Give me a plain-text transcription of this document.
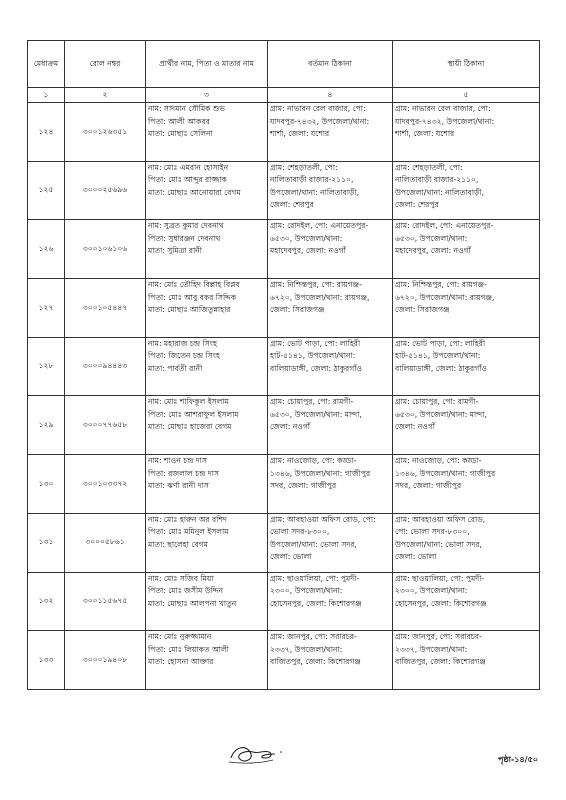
মেধাক্রম	রোল নম্বর	প্রার্থীর নাম, পিতা ও মাতার নাম	বর্তমান ঠিকানা	স্থায়ী ঠিকানা
১	২	৩	৪	৫
১২৪	৩০০১২৬৩৫১	নাম: সাদমান সৌমিক শুভ
পিতা: আলী আকবর
মাতা: মোছাঃ সেলিনা	গ্রাম: নাভারন রেল বাজার, পো:
যাদবপুর-৭৪৩২, উপজেলা/থানা:
শার্শা, জেলা: যশোর	গ্রাম: নাভারন রেল বাজার, পো:
যাদবপুর-৭৪৩২, উপজেলা/থানা:
শার্শা, জেলা: যশোর

১২৫	৩০০০২৫৬৯৬	নাম: মোঃ এমরান হোসাইন
পিতা: মোঃ আব্দুর রাজ্জাক
মাতা: মোছাঃ আনোয়ারা বেগম	গ্রাম: শেহড়াতলী, পো:
নালিতাবাড়ী বাজার-২১১০,
উপজেলা/থানা: নালিতাবাড়ী,
জেলা: শেরপুর	গ্রাম: শেহড়াতলী, পো:
নালিতাবাড়ী বাজার-২১১০,
উপজেলা/থানা: নালিতাবাড়ী,
জেলা: শেরপুর

১২৬	৩০০১০৬১০৬	নাম: সুব্রত কুমার দেবনাথ
পিতা: সুধারঞ্জন দেবনাথ
মাতা: সুমিত্রা রানী	গ্রাম: রোদইল, পো: এনায়েতপুর-
৬৫৩০, উপজেলা/থানা:
মহাদেবপুর, জেলা: নওগাঁ	গ্রাম: রোদইল, পো: এনায়েতপুর-
৬৫৩০, উপজেলা/থানা:
মহাদেবপুর, জেলা: নওগাঁ

১২৭	৩০০১০৫৪৪৭	নাম: মোঃ তৌহিদ বিল্লাহ বিপ্লব
পিতা: মোঃ আবু বকর সিদ্দিক
মাতা: মোছাঃ আজিতুন্নাহার	গ্রাম: নিশ্চিন্তপুর, পো: রায়গঞ্জ-
৬৭২০, উপজেলা/থানা: রায়গঞ্জ,
জেলা: সিরাজগঞ্জ	গ্রাম: নিশ্চিন্তপুর, পো: রায়গঞ্জ-
৬৭২০, উপজেলা/থানা: রায়গঞ্জ,
জেলা: সিরাজগঞ্জ

১২৮	৩০০০৯৪৪৪৩	নাম: মহারাজ চন্দ্র সিংহ
পিতা: জিতেন চন্দ্র সিংহ
মাতা: পার্বতী রানী	গ্রাম: ভোট পাড়া, পো: লাহিরী
হাট-৫১৪১, উপজেলা/থানা:
বালিয়াডাঙ্গী, জেলা: ঠাকুরগাঁও	গ্রাম: ভোট পাড়া, পো: লাহিরী
হাট-৫১৪১, উপজেলা/থানা:
বালিয়াডাঙ্গী, জেলা: ঠাকুরগাঁও

১২৯	৩০০০৭৭৬৫৮	নাম: মোঃ শাফিকুল ইসলাম
পিতা: মোঃ আশরাফুল ইসলাম
মাতা: মোছাঃ হাজেরা বেগম	গ্রাম: চোয়াপুর, পো: রামগী-
৬৫৩০, উপজেলা/থানা: মান্দা,
জেলা: নওগাঁ	গ্রাম: চোয়াপুর, পো: রামগী-
৬৫৩০, উপজেলা/থানা: মান্দা,
জেলা: নওগাঁ

১৩০	৩০০১০৩৩৭২	নাম: শাওন চন্দ্র দাস
পিতা: রজলাল চন্দ্র দাস
মাতা: ঝর্ণা রানী দাস	গ্রাম: নাওজোড়, পো: কড্ডা-
১৩৪৬, উপজেলা/থানা: গাজীপুর
সদর, জেলা: গাজীপুর	গ্রাম: নাওজোড়, পো: কড্ডা-
১৩৪৬, উপজেলা/থানা: গাজীপুর
সদর, জেলা: গাজীপুর

১৩১	৩০০০৫৮৬১	নাম: মোঃ হারুন অর রশিদ
পিতা: মোঃ মমিনুল ইসলাম
মাতা: ছালেহা বেগম	গ্রাম: আবহাওয়া অফিস রোড, পো:
ভোলা সদর-৮৩০০,
উপজেলা/থানা: ভোলা সদর,
জেলা: ভোলা	গ্রাম: আবহাওয়া অফিস রোড,
পো: ভোলা সদর-৮৩০০,
উপজেলা/থানা: ভোলা সদর,
জেলা: ভোলা

১৩২	৩০০১১৫৬৭৫	নাম: মোঃ সজিব মিয়া
পিতা: মোঃ জসীম উদ্দিন
মাতা: মোছাঃ আলপনা খাতুন	গ্রাম: ছাওয়ালিয়া, পো: পুমদী-
২৩০০, উপজেলা/থানা:
হোসেনপুর, জেলা: কিশোরগঞ্জ	গ্রাম: ছাওয়ালিয়া, পো: পুমদী-
২৩০০, উপজেলা/থানা:
হোসেনপুর, জেলা: কিশোরগঞ্জ

১৩৩	৩০০০১৯৪০৮	নাম: মোঃ নুরুজ্জামান
পিতা: মোঃ লিয়াকত আলী
মাতা: হোসনা আক্তার	গ্রাম: জানপুর, পো: সরারচর-
২৩৩৭, উপজেলা/থানা:
বাজিতপুর, জেলা: কিশোরগঞ্জ	গ্রাম: জানপুর, পো: সরারচর-
২৩৩৭, উপজেলা/থানা:
বাজিতপুর, জেলা: কিশোরগঞ্জ
পৃষ্ঠা-১৪/৫০
